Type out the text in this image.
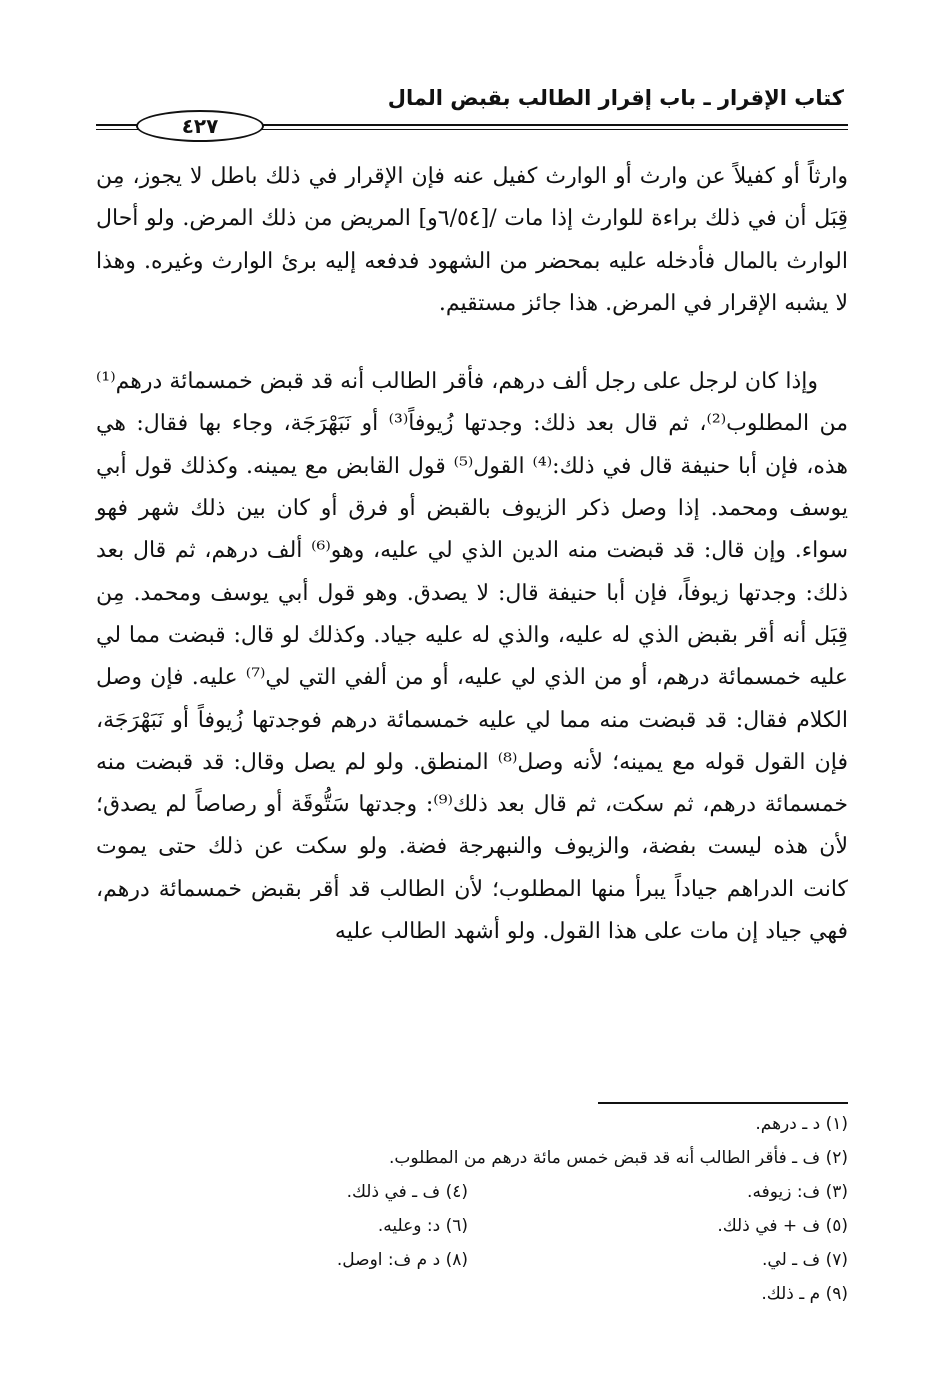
كتاب الإقرار ـ باب إقرار الطالب بقبض المال
٤٢٧

وارثاً أو كفيلاً عن وارث أو الوارث كفيل عنه فإن الإقرار في ذلك باطل لا يجوز، مِن قِبَل أن في ذلك براءة للوارث إذا مات /[٦/٥٤و] المريض من ذلك المرض. ولو أحال الوارث بالمال فأدخله عليه بمحضر من الشهود فدفعه إليه برئ الوارث وغيره. وهذا لا يشبه الإقرار في المرض. هذا جائز مستقيم.

وإذا كان لرجل على رجل ألف درهم، فأقر الطالب أنه قد قبض خمسمائة درهم⁽¹⁾ من المطلوب⁽²⁾، ثم قال بعد ذلك: وجدتها زُيوفاً⁽³⁾ أو نَبَهْرَجَة، وجاء بها فقال: هي هذه، فإن أبا حنيفة قال في ذلك:⁽⁴⁾ القول⁽⁵⁾ قول القابض مع يمينه. وكذلك قول أبي يوسف ومحمد. إذا وصل ذكر الزيوف بالقبض أو فرق أو كان بين ذلك شهر فهو سواء. وإن قال: قد قبضت منه الدين الذي لي عليه، وهو⁽⁶⁾ ألف درهم، ثم قال بعد ذلك: وجدتها زيوفاً، فإن أبا حنيفة قال: لا يصدق. وهو قول أبي يوسف ومحمد. مِن قِبَل أنه أقر بقبض الذي له عليه، والذي له عليه جياد. وكذلك لو قال: قبضت مما لي عليه خمسمائة درهم، أو من الذي لي عليه، أو من ألفي التي لي⁽⁷⁾ عليه. فإن وصل الكلام فقال: قد قبضت منه مما لي عليه خمسمائة درهم فوجدتها زُيوفاً أو نَبَهْرَجَة، فإن القول قوله مع يمينه؛ لأنه وصل⁽⁸⁾ المنطق. ولو لم يصل وقال: قد قبضت منه خمسمائة درهم، ثم سكت، ثم قال بعد ذلك⁽⁹⁾: وجدتها سَتُّوقَة أو رصاصاً لم يصدق؛ لأن هذه ليست بفضة، والزيوف والنبهرجة فضة. ولو سكت عن ذلك حتى يموت كانت الدراهم جياداً يبرأ منها المطلوب؛ لأن الطالب قد أقر بقبض خمسمائة درهم، فهي جياد إن مات على هذا القول. ولو أشهد الطالب عليه

(١) د ـ درهم.
(٢) ف ـ فأقر الطالب أنه قد قبض خمس مائة درهم من المطلوب.
(٣) ف: زيوفه.
(٤) ف ـ في ذلك.
(٥) ف + في ذلك.
(٦) د: وعليه.
(٧) ف ـ لي.
(٨) د م ف: اوصل.
(٩) م ـ ذلك.
